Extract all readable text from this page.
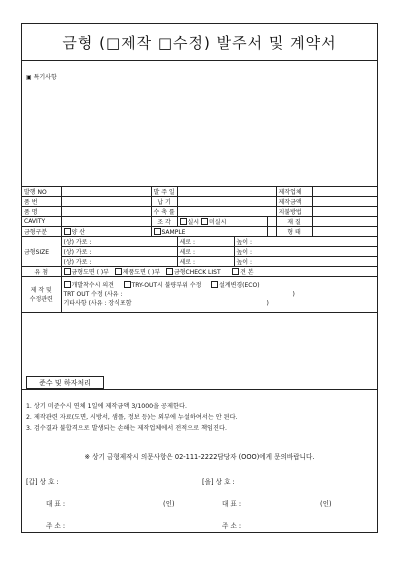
금형 (□제작 □수정) 발주서 및 계약서
▣ 특기사항
발행 NO		발 주 일				제작업체	
품 번		납 기				제작금액	
품 명		수 축 률				지불방법	
CAVITY		조 각	실시 미실시			재 질	
금형구분	양 산	SAMPLE				형 태	
금형SIZE	(상) 가로 :		세로 :	높이 :			
	(상) 가로 :		세로 :	높이 :			
	(상) 가로 :		세로 :	높이 :			
유 첨	금형도면 ( )부 제품도면 ( )부 금형CHECK LIST 견 본						
제 작 및
수정관련	개발착수시 의견 TRY-OUT시 불량부위 수정 설계변경(ECO)
TRT OUT 수정 (사유 : )
기타사항 (사유 : 장식포함 )						
준수 및 하자처리
1. 상기 미준수시 연체 1일에 제작금액 3/1000을 공제한다.
2. 제작관련 자료(도면, 시방서, 샘플, 정보 등)는 외부에 누설하여서는 안 된다.
3. 검수결과 불합격으로 발생되는 손해는 제작업체에서 전적으로 책임진다.
※ 상기 금형제작시 의문사항은 02-111-2222담당자 (OOO)에게 문의바랍니다.
[갑] 상 호 :
대 표 :	(인)
주 소 :
[을] 상 호 :
대 표 :	(인)
주 소 :
